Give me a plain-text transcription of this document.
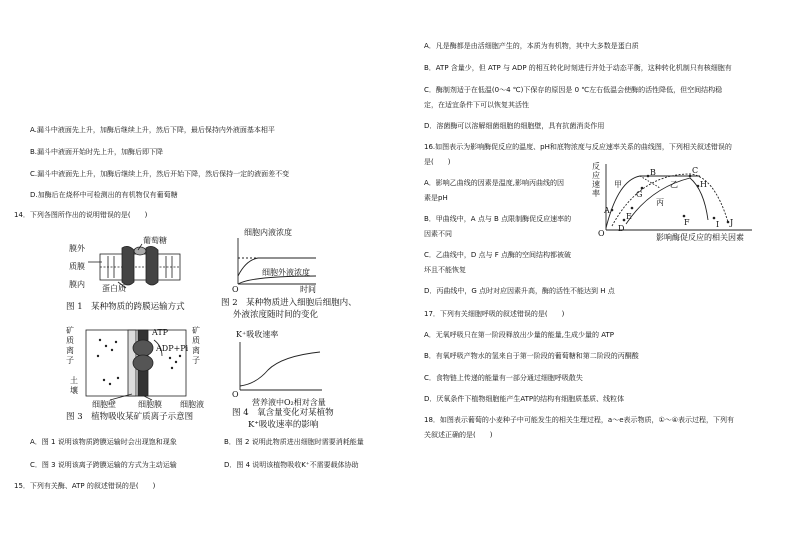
A.漏斗中液面先上升，加酶后继续上升，然后下降，最后保持内外液面基本相平
B.漏斗中液面开始时先上升，加酶后即下降
C.漏斗中液面先上升，加酶后继续上升，然后开始下降，然后保持一定的液面差不变
D.加酶后在烧杯中可检测出的有机物仅有葡萄糖
14．下列各图所作出的说明错误的是(　　)
膜外
葡萄糖
质膜
膜内 蛋白质
图 1　某种物质的跨膜运输方式
细胞内液浓度
细胞外液浓度
O	时间
图 2　某种物质进入细胞后细胞内、
外液浓度随时间的变化
矿
质
离
子
土
壤
ATP
ADP+Pi
矿
质
离
子
细胞壁	细胞膜 细胞液
图 3　植物吸收某矿质离子示意图
K⁺吸收速率
O
营养液中O₂相对含量
图 4　氧含量变化对某植物
K⁺吸收速率的影响
A．图 1 说明该物质跨膜运输时会出现饱和现象	B．图 2 说明此物质进出细胞时需要消耗能量
C．图 3 说明该离子跨膜运输的方式为主动运输	D．图 4 说明该植物吸收K⁺不需要载体协助
15．下列有关酶、ATP 的叙述错误的是(　　)
A．凡是酶都是由活细胞产生的，本质为有机物，其中大多数是蛋白质
B．ATP 含量少，但 ATP 与 ADP 的相互转化时刻进行并处于动态平衡，这种转化机制只有核细胞有
C．酶制剂适于在低温(0～4 ℃)下保存的原因是 0 ℃左右低温会使酶的活性降低，但空间结构稳
定，在适宜条件下可以恢复其活性
D．溶菌酶可以溶解细菌细胞的细胞壁，具有抗菌消炎作用
16.如图表示为影响酶促反应的温度、pH和底物浓度与反应速率关系的曲线图，下列相关叙述错误的
是(　　)
A．影响乙曲线的因素是温度,影响丙曲线的因
素是pH
B．甲曲线中，A 点与 B 点限制酶促反应速率的
因素不同
C．乙曲线中，D 点与 F 点酶的空间结构都被破
坏且不能恢复
D．丙曲线中，G 点时对应因素升高，酶的活性不能达到 H 点
反
应
速
率
O	影响酶促反应的相关因素
A
B	C
D
E
F
G
H
I J
甲	乙
丙
17．下列有关细胞呼吸的叙述错误的是(　　)
A．无氧呼吸只在第一阶段释放出少量的能量,生成少量的 ATP
B．有氧呼吸产物水的氢来自于第一阶段的葡萄糖和第二阶段的丙酮酸
C．食物链上传递的能量有一部分通过细胞呼吸散失
D．厌氧条件下植物细胞能产生ATP的结构有细胞质基质、线粒体
18．如图表示葡萄的小麦种子中可能发生的相关生理过程，a～e表示物质，①～④表示过程，下列有
关叙述正确的是(　　)
